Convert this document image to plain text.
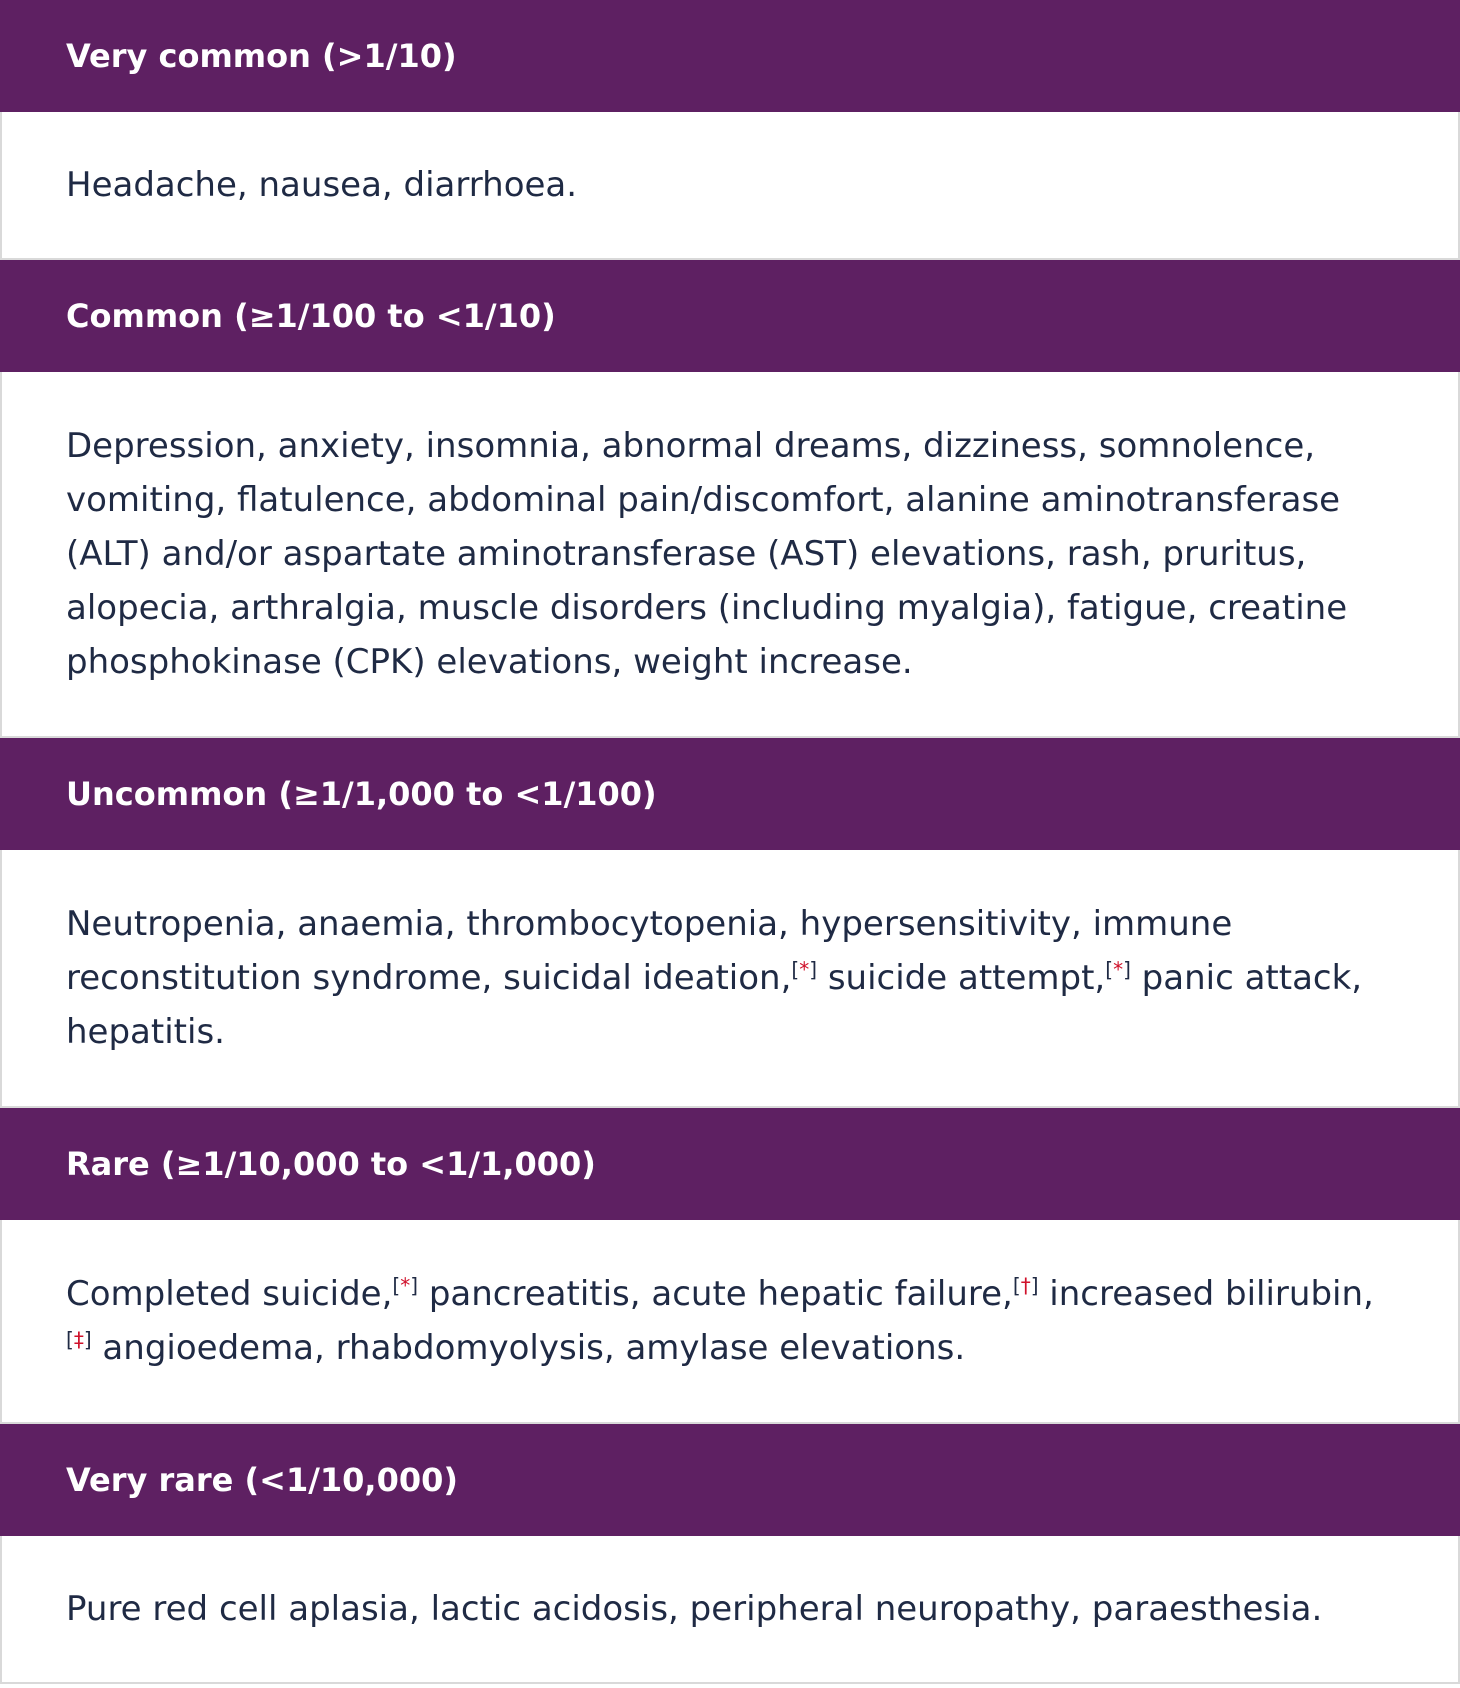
Very common (>1/10)
Headache, nausea, diarrhoea.
Common (≥1/100 to <1/10)
Depression, anxiety, insomnia, abnormal dreams, dizziness, somnolence, vomiting, flatulence, abdominal pain/discomfort, alanine aminotransferase (ALT) and/or aspartate aminotransferase (AST) elevations, rash, pruritus, alopecia, arthralgia, muscle disorders (including myalgia), fatigue, creatine phosphokinase (CPK) elevations, weight increase.
Uncommon (≥1/1,000 to <1/100)
Neutropenia, anaemia, thrombocytopenia, hypersensitivity, immune reconstitution syndrome, suicidal ideation,[*] suicide attempt,[*] panic attack, hepatitis.
Rare (≥1/10,000 to <1/1,000)
Completed suicide,[*] pancreatitis, acute hepatic failure,[†] increased bilirubin,[‡] angioedema, rhabdomyolysis, amylase elevations.
Very rare (<1/10,000)
Pure red cell aplasia, lactic acidosis, peripheral neuropathy, paraesthesia.
